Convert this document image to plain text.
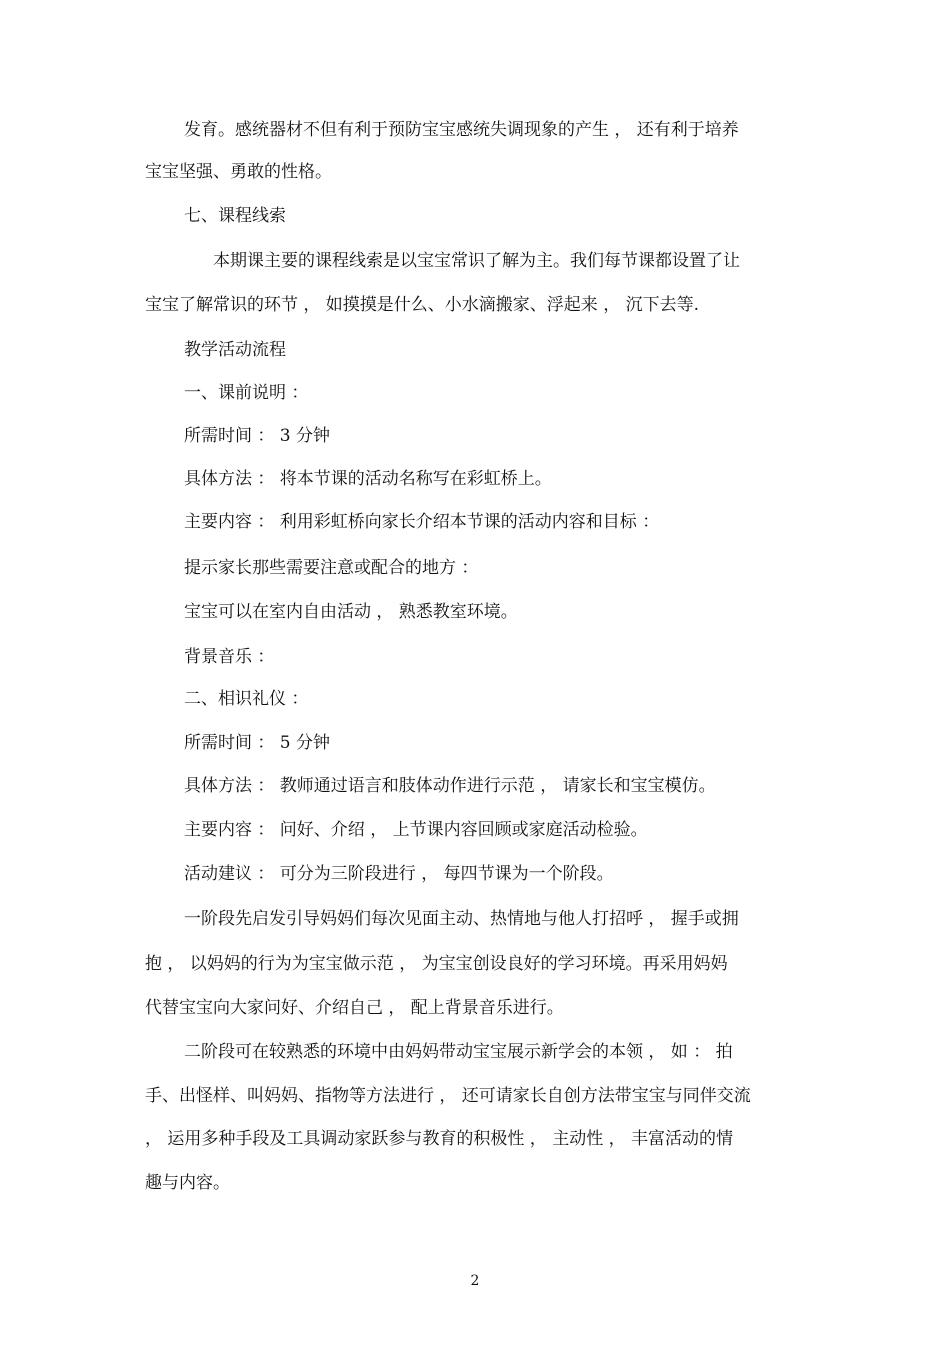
发育。感统器材不但有利于预防宝宝感统失调现象的产生 ， 还有利于培养
宝宝坚强、勇敢的性格。
七、课程线索
本期课主要的课程线索是以宝宝常识了解为主。我们每节课都设置了让
宝宝了解常识的环节 ， 如摸摸是什么、小水滴搬家、浮起来 ， 沉下去等.
教学活动流程
一、课前说明 ：
所需时间 ： 3 分钟
具体方法 ： 将本节课的活动名称写在彩虹桥上。
主要内容 ： 利用彩虹桥向家长介绍本节课的活动内容和目标 ：
提示家长那些需要注意或配合的地方 ：
宝宝可以在室内自由活动 ， 熟悉教室环境。
背景音乐 ：
二、相识礼仪 ：
所需时间 ： 5 分钟
具体方法 ： 教师通过语言和肢体动作进行示范 ， 请家长和宝宝模仿。
主要内容 ： 问好、介绍 ， 上节课内容回顾或家庭活动检验。
活动建议 ： 可分为三阶段进行 ， 每四节课为一个阶段。
一阶段先启发引导妈妈们每次见面主动、热情地与他人打招呼 ， 握手或拥
抱 ， 以妈妈的行为为宝宝做示范 ， 为宝宝创设良好的学习环境。再采用妈妈
代替宝宝向大家问好、介绍自己 ， 配上背景音乐进行。
二阶段可在较熟悉的环境中由妈妈带动宝宝展示新学会的本领 ， 如 ： 拍
手、出怪样、叫妈妈、指物等方法进行 ， 还可请家长自创方法带宝宝与同伴交流
， 运用多种手段及工具调动家跃参与教育的积极性 ， 主动性 ， 丰富活动的情
趣与内容。
2
